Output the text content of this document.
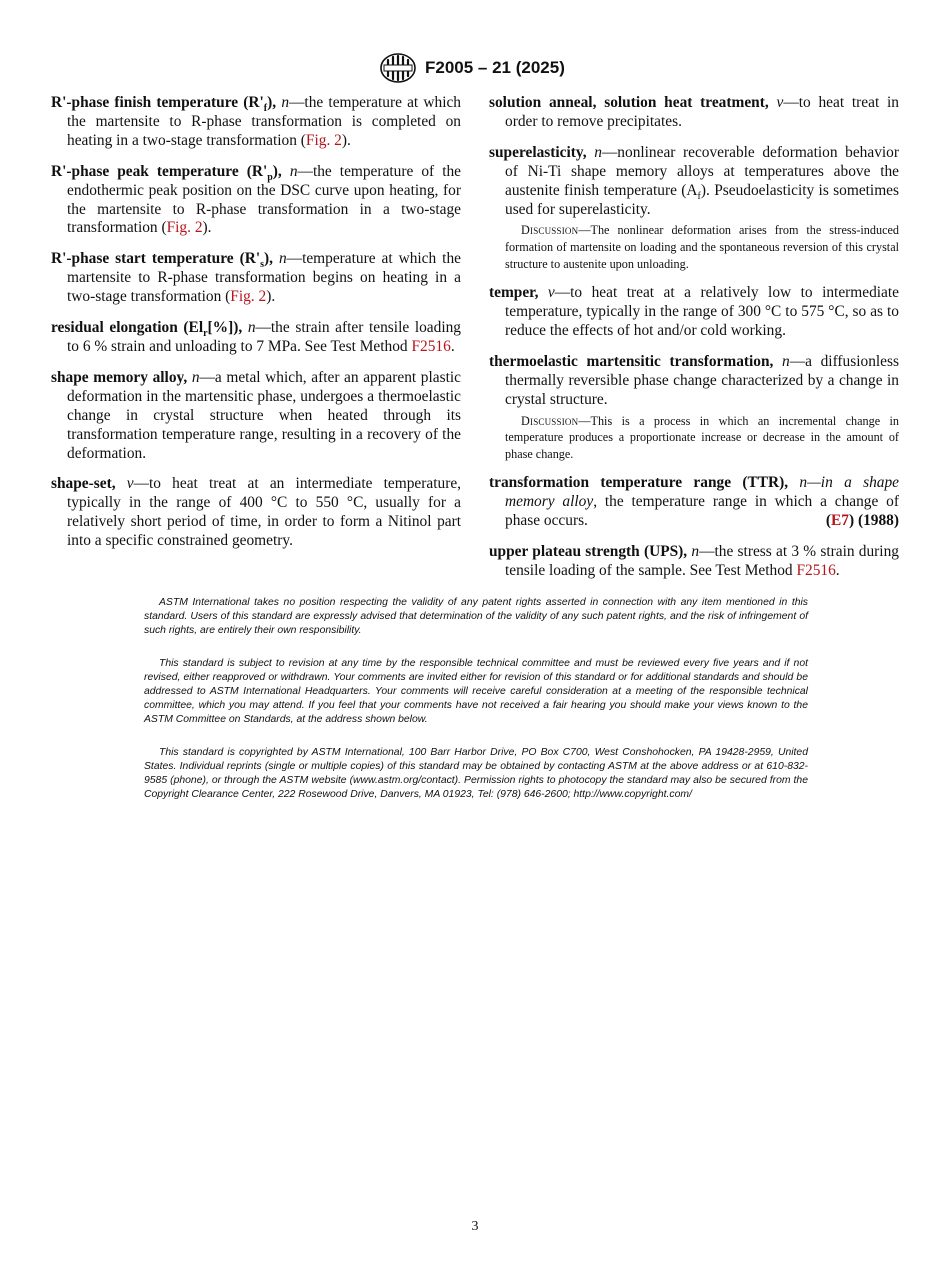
F2005 – 21 (2025)

R'-phase finish temperature $(R'_f)$, n—the temperature at which the martensite to R-phase transformation is completed on heating in a two-stage transformation (Fig. 2).

R'-phase peak temperature $(R'_p)$, n—the temperature of the endothermic peak position on the DSC curve upon heating, for the martensite to R-phase transformation in a two-stage transformation (Fig. 2).

R'-phase start temperature $(R'_s)$, n—temperature at which the martensite to R-phase transformation begins on heating in a two-stage transformation (Fig. 2).

residual elongation $(El_r[\%])$, n—the strain after tensile loading to 6 % strain and unloading to 7 MPa. See Test Method F2516.

shape memory alloy, n—a metal which, after an apparent plastic deformation in the martensitic phase, undergoes a thermoelastic change in crystal structure when heated through its transformation temperature range, resulting in a recovery of the deformation.

shape-set, v—to heat treat at an intermediate temperature, typically in the range of 400 °C to 550 °C, usually for a relatively short period of time, in order to form a Nitinol part into a specific constrained geometry.

solution anneal, solution heat treatment, v—to heat treat in order to remove precipitates.

superelasticity, n—nonlinear recoverable deformation behavior of Ni-Ti shape memory alloys at temperatures above the austenite finish temperature $(A_f)$. Pseudoelasticity is sometimes used for superelasticity.

Discussion—The nonlinear deformation arises from the stress-induced formation of martensite on loading and the spontaneous reversion of this crystal structure to austenite upon unloading.

temper, v—to heat treat at a relatively low to intermediate temperature, typically in the range of 300 °C to 575 °C, so as to reduce the effects of hot and/or cold working.

thermoelastic martensitic transformation, n—a diffusionless thermally reversible phase change characterized by a change in crystal structure.

Discussion—This is a process in which an incremental change in temperature produces a proportionate increase or decrease in the amount of phase change.

transformation temperature range (TTR), n—in a shape memory alloy, the temperature range in which a change of phase occurs.	(E7) (1988)

upper plateau strength (UPS), n—the stress at 3 % strain during tensile loading of the sample. See Test Method F2516.

ASTM International takes no position respecting the validity of any patent rights asserted in connection with any item mentioned in this standard. Users of this standard are expressly advised that determination of the validity of any such patent rights, and the risk of infringement of such rights, are entirely their own responsibility.

This standard is subject to revision at any time by the responsible technical committee and must be reviewed every five years and if not revised, either reapproved or withdrawn. Your comments are invited either for revision of this standard or for additional standards and should be addressed to ASTM International Headquarters. Your comments will receive careful consideration at a meeting of the responsible technical committee, which you may attend. If you feel that your comments have not received a fair hearing you should make your views known to the ASTM Committee on Standards, at the address shown below.

This standard is copyrighted by ASTM International, 100 Barr Harbor Drive, PO Box C700, West Conshohocken, PA 19428-2959, United States. Individual reprints (single or multiple copies) of this standard may be obtained by contacting ASTM at the above address or at 610-832-9585 (phone), or through the ASTM website (www.astm.org/contact). Permission rights to photocopy the standard may also be secured from the Copyright Clearance Center, 222 Rosewood Drive, Danvers, MA 01923, Tel: (978) 646-2600; http://www.copyright.com/

3
